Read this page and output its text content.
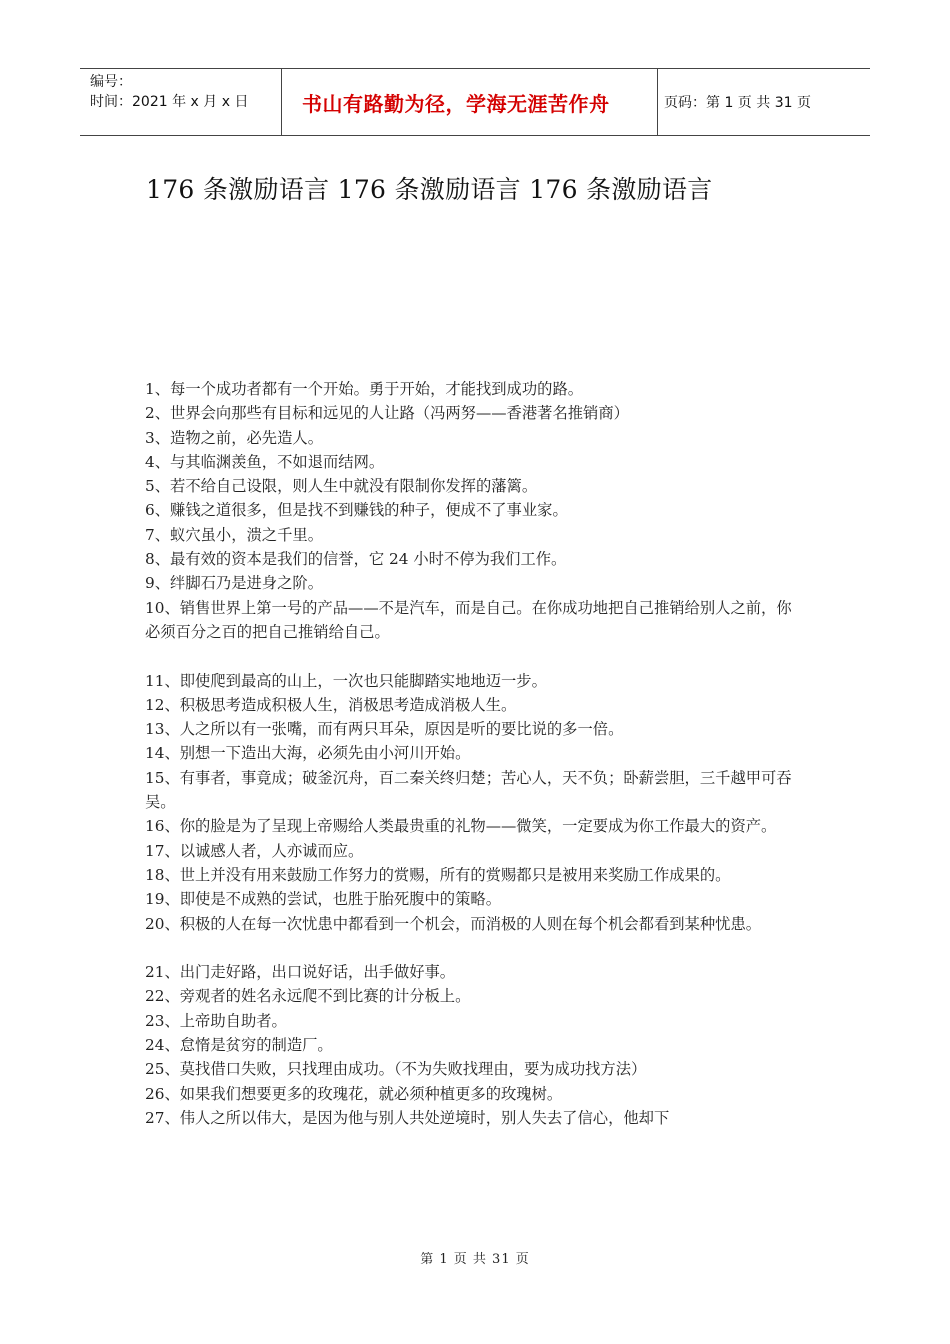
编号：
时间：2021 年 x 月 x 日	书山有路勤为径，学海无涯苦作舟	页码：第 1 页 共 31 页
176 条激励语言 176 条激励语言 176 条激励语言

1、每一个成功者都有一个开始。勇于开始，才能找到成功的路。

2、世界会向那些有目标和远见的人让路（冯两努——香港著名推销商）

3、造物之前，必先造人。

4、与其临渊羡鱼，不如退而结网。

5、若不给自己设限，则人生中就没有限制你发挥的藩篱。

6、赚钱之道很多，但是找不到赚钱的种子，便成不了事业家。

7、蚁穴虽小，溃之千里。

8、最有效的资本是我们的信誉，它 24 小时不停为我们工作。

9、绊脚石乃是进身之阶。

10、销售世界上第一号的产品——不是汽车，而是自己。在你成功地把自己推销给别人之前，你必须百分之百的把自己推销给自己。

11、即使爬到最高的山上，一次也只能脚踏实地地迈一步。

12、积极思考造成积极人生，消极思考造成消极人生。

13、人之所以有一张嘴，而有两只耳朵，原因是听的要比说的多一倍。

14、别想一下造出大海，必须先由小河川开始。

15、有事者，事竟成；破釜沉舟，百二秦关终归楚；苦心人，天不负；卧薪尝胆，三千越甲可吞吴。

16、你的脸是为了呈现上帝赐给人类最贵重的礼物——微笑，一定要成为你工作最大的资产。

17、以诚感人者，人亦诚而应。

18、世上并没有用来鼓励工作努力的赏赐，所有的赏赐都只是被用来奖励工作成果的。

19、即使是不成熟的尝试，也胜于胎死腹中的策略。

20、积极的人在每一次忧患中都看到一个机会，而消极的人则在每个机会都看到某种忧患。

21、出门走好路，出口说好话，出手做好事。

22、旁观者的姓名永远爬不到比赛的计分板上。

23、上帝助自助者。

24、怠惰是贫穷的制造厂。

25、莫找借口失败，只找理由成功。（不为失败找理由，要为成功找方法）

26、如果我们想要更多的玫瑰花，就必须种植更多的玫瑰树。

27、伟人之所以伟大，是因为他与别人共处逆境时，别人失去了信心，他却下

第 1 页 共 31 页
